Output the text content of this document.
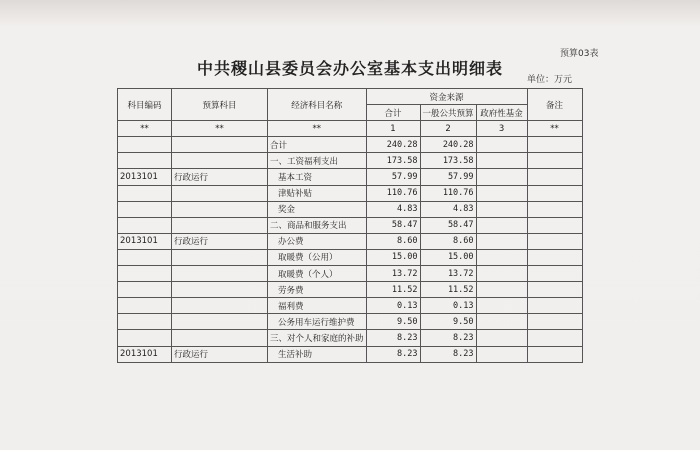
预算03表
中共稷山县委员会办公室基本支出明细表
单位：万元
科目编码	预算科目	经济科目名称	资金来源			备注
			合计	一般公共预算	政府性基金	
**	**	**	1	2	3	**
		合计	240.28	240.28		
		一、工资福利支出	173.58	173.58		
2013101	行政运行	基本工资	57.99	57.99		
		津贴补贴	110.76	110.76		
		奖金	4.83	4.83		
		二、商品和服务支出	58.47	58.47		
2013101	行政运行	办公费	8.60	8.60		
		取暖费（公用）	15.00	15.00		
		取暖费（个人）	13.72	13.72		
		劳务费	11.52	11.52		
		福利费	0.13	0.13		
		公务用车运行维护费	9.50	9.50		
		三、对个人和家庭的补助	8.23	8.23		
2013101	行政运行	生活补助	8.23	8.23		
